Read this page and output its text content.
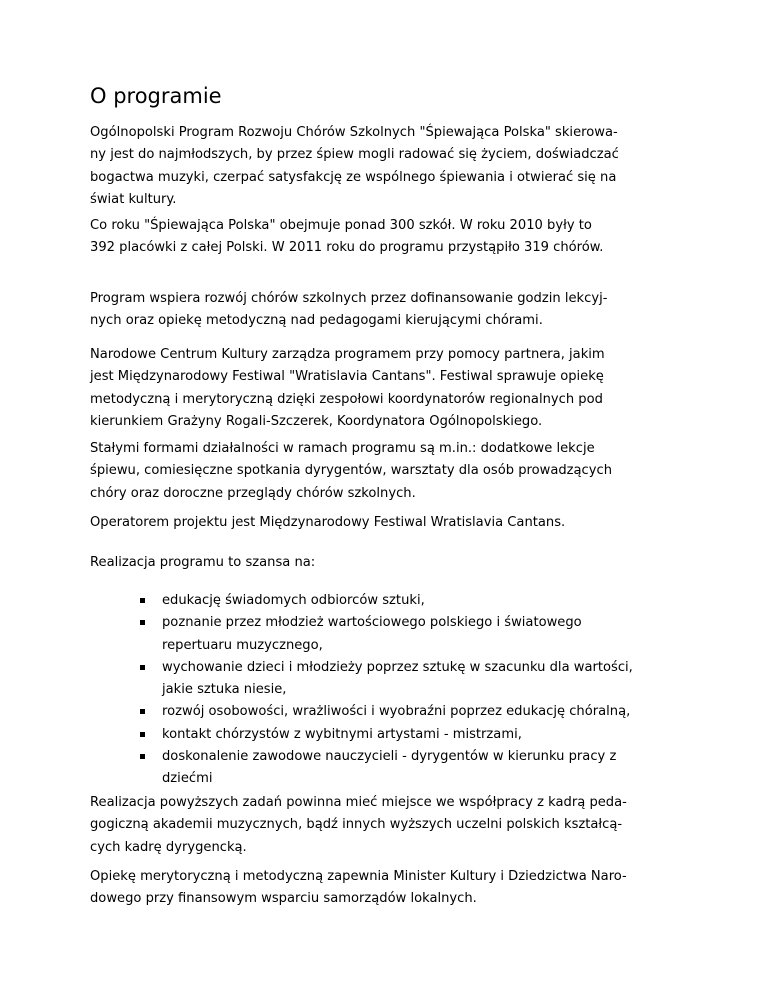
O programie

Ogólnopolski Program Rozwoju Chórów Szkolnych "Śpiewająca Polska" skierowa-
ny jest do najmłodszych, by przez śpiew mogli radować się życiem, doświadczać
bogactwa muzyki, czerpać satysfakcję ze wspólnego śpiewania i otwierać się na
świat kultury.

Co roku "Śpiewająca Polska" obejmuje ponad 300 szkół. W roku 2010 były to
392 placówki z całej Polski. W 2011 roku do programu przystąpiło 319 chórów.

Program wspiera rozwój chórów szkolnych przez dofinansowanie godzin lekcyj-
nych oraz opiekę metodyczną nad pedagogami kierującymi chórami.

Narodowe Centrum Kultury zarządza programem przy pomocy partnera, jakim
jest Międzynarodowy Festiwal "Wratislavia Cantans". Festiwal sprawuje opiekę
metodyczną i merytoryczną dzięki zespołowi koordynatorów regionalnych pod
kierunkiem Grażyny Rogali-Szczerek, Koordynatora Ogólnopolskiego.

Stałymi formami działalności w ramach programu są m.in.: dodatkowe lekcje
śpiewu, comiesięczne spotkania dyrygentów, warsztaty dla osób prowadzących
chóry oraz doroczne przeglądy chórów szkolnych.

Operatorem projektu jest Międzynarodowy Festiwal Wratislavia Cantans.

Realizacja programu to szansa na:

edukację świadomych odbiorców sztuki,
poznanie przez młodzież wartościowego polskiego i światowego
repertuaru muzycznego,
wychowanie dzieci i młodzieży poprzez sztukę w szacunku dla wartości,
jakie sztuka niesie,
rozwój osobowości, wrażliwości i wyobraźni poprzez edukację chóralną,
kontakt chórzystów z wybitnymi artystami - mistrzami,
doskonalenie zawodowe nauczycieli - dyrygentów w kierunku pracy z
dziećmi

Realizacja powyższych zadań powinna mieć miejsce we współpracy z kadrą peda-
gogiczną akademii muzycznych, bądź innych wyższych uczelni polskich kształcą-
cych kadrę dyrygencką.

Opiekę merytoryczną i metodyczną zapewnia Minister Kultury i Dziedzictwa Naro-
dowego przy finansowym wsparciu samorządów lokalnych.
